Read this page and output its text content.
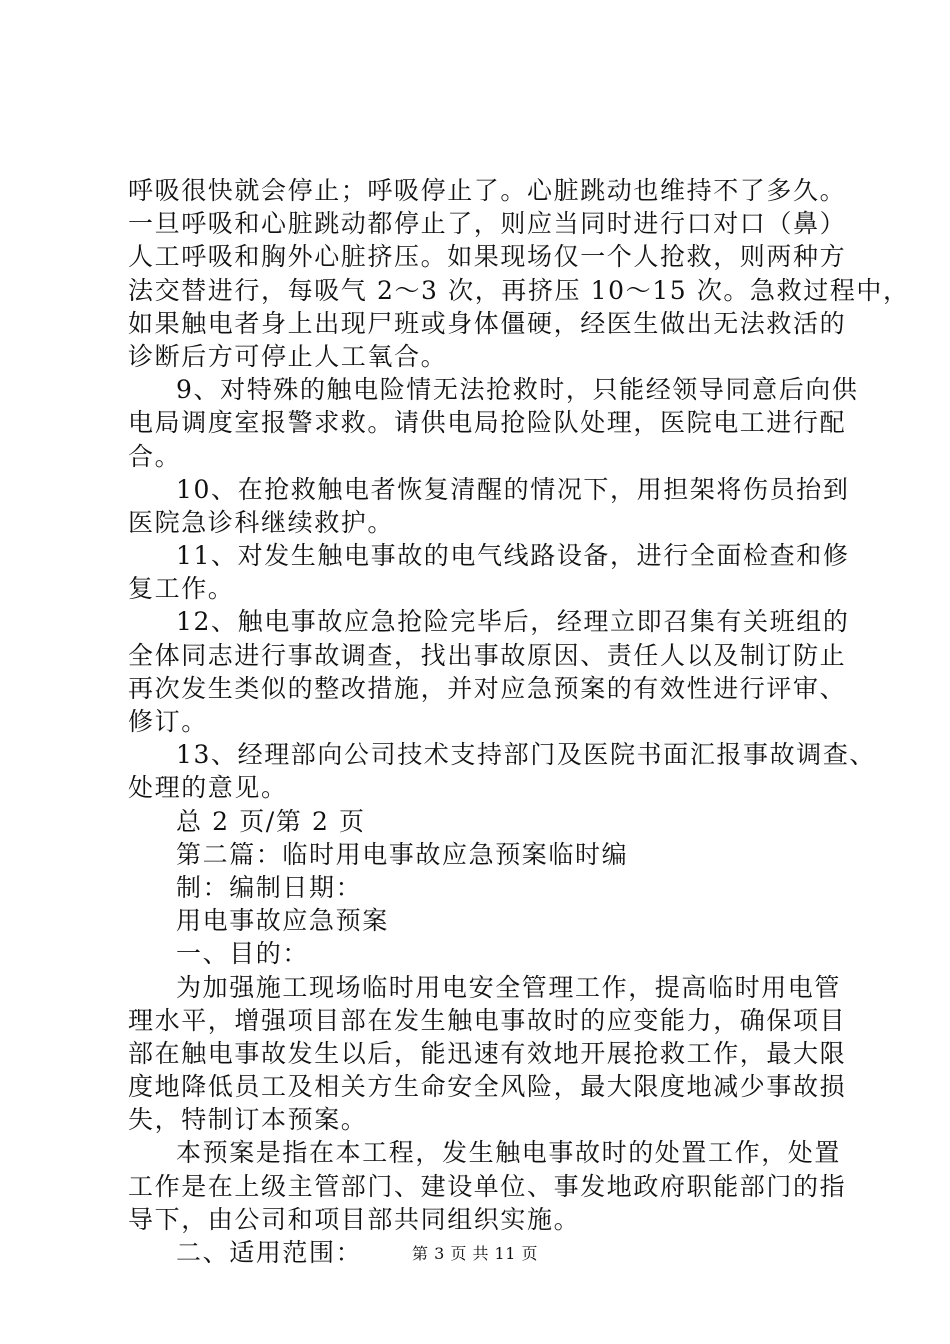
呼吸很快就会停止；呼吸停止了。心脏跳动也维持不了多久。
一旦呼吸和心脏跳动都停止了，则应当同时进行口对口（鼻）
人工呼吸和胸外心脏挤压。如果现场仅一个人抢救，则两种方
法交替进行，每吸气 2～3 次，再挤压 10～15 次。急救过程中，
如果触电者身上出现尸班或身体僵硬，经医生做出无法救活的
诊断后方可停止人工氧合。
9、对特殊的触电险情无法抢救时，只能经领导同意后向供
电局调度室报警求救。请供电局抢险队处理，医院电工进行配
合。
10、在抢救触电者恢复清醒的情况下，用担架将伤员抬到
医院急诊科继续救护。
11、对发生触电事故的电气线路设备，进行全面检查和修
复工作。
12、触电事故应急抢险完毕后，经理立即召集有关班组的
全体同志进行事故调查，找出事故原因、责任人以及制订防止
再次发生类似的整改措施，并对应急预案的有效性进行评审、
修订。
13、经理部向公司技术支持部门及医院书面汇报事故调查、
处理的意见。
总 2 页/第 2 页
第二篇：临时用电事故应急预案临时编
制：编制日期：
用电事故应急预案
一、目的：
为加强施工现场临时用电安全管理工作，提高临时用电管
理水平，增强项目部在发生触电事故时的应变能力，确保项目
部在触电事故发生以后，能迅速有效地开展抢救工作，最大限
度地降低员工及相关方生命安全风险，最大限度地减少事故损
失，特制订本预案。
本预案是指在本工程，发生触电事故时的处置工作，处置
工作是在上级主管部门、建设单位、事发地政府职能部门的指
导下，由公司和项目部共同组织实施。
二、适用范围：	第 3 页 共 11 页
